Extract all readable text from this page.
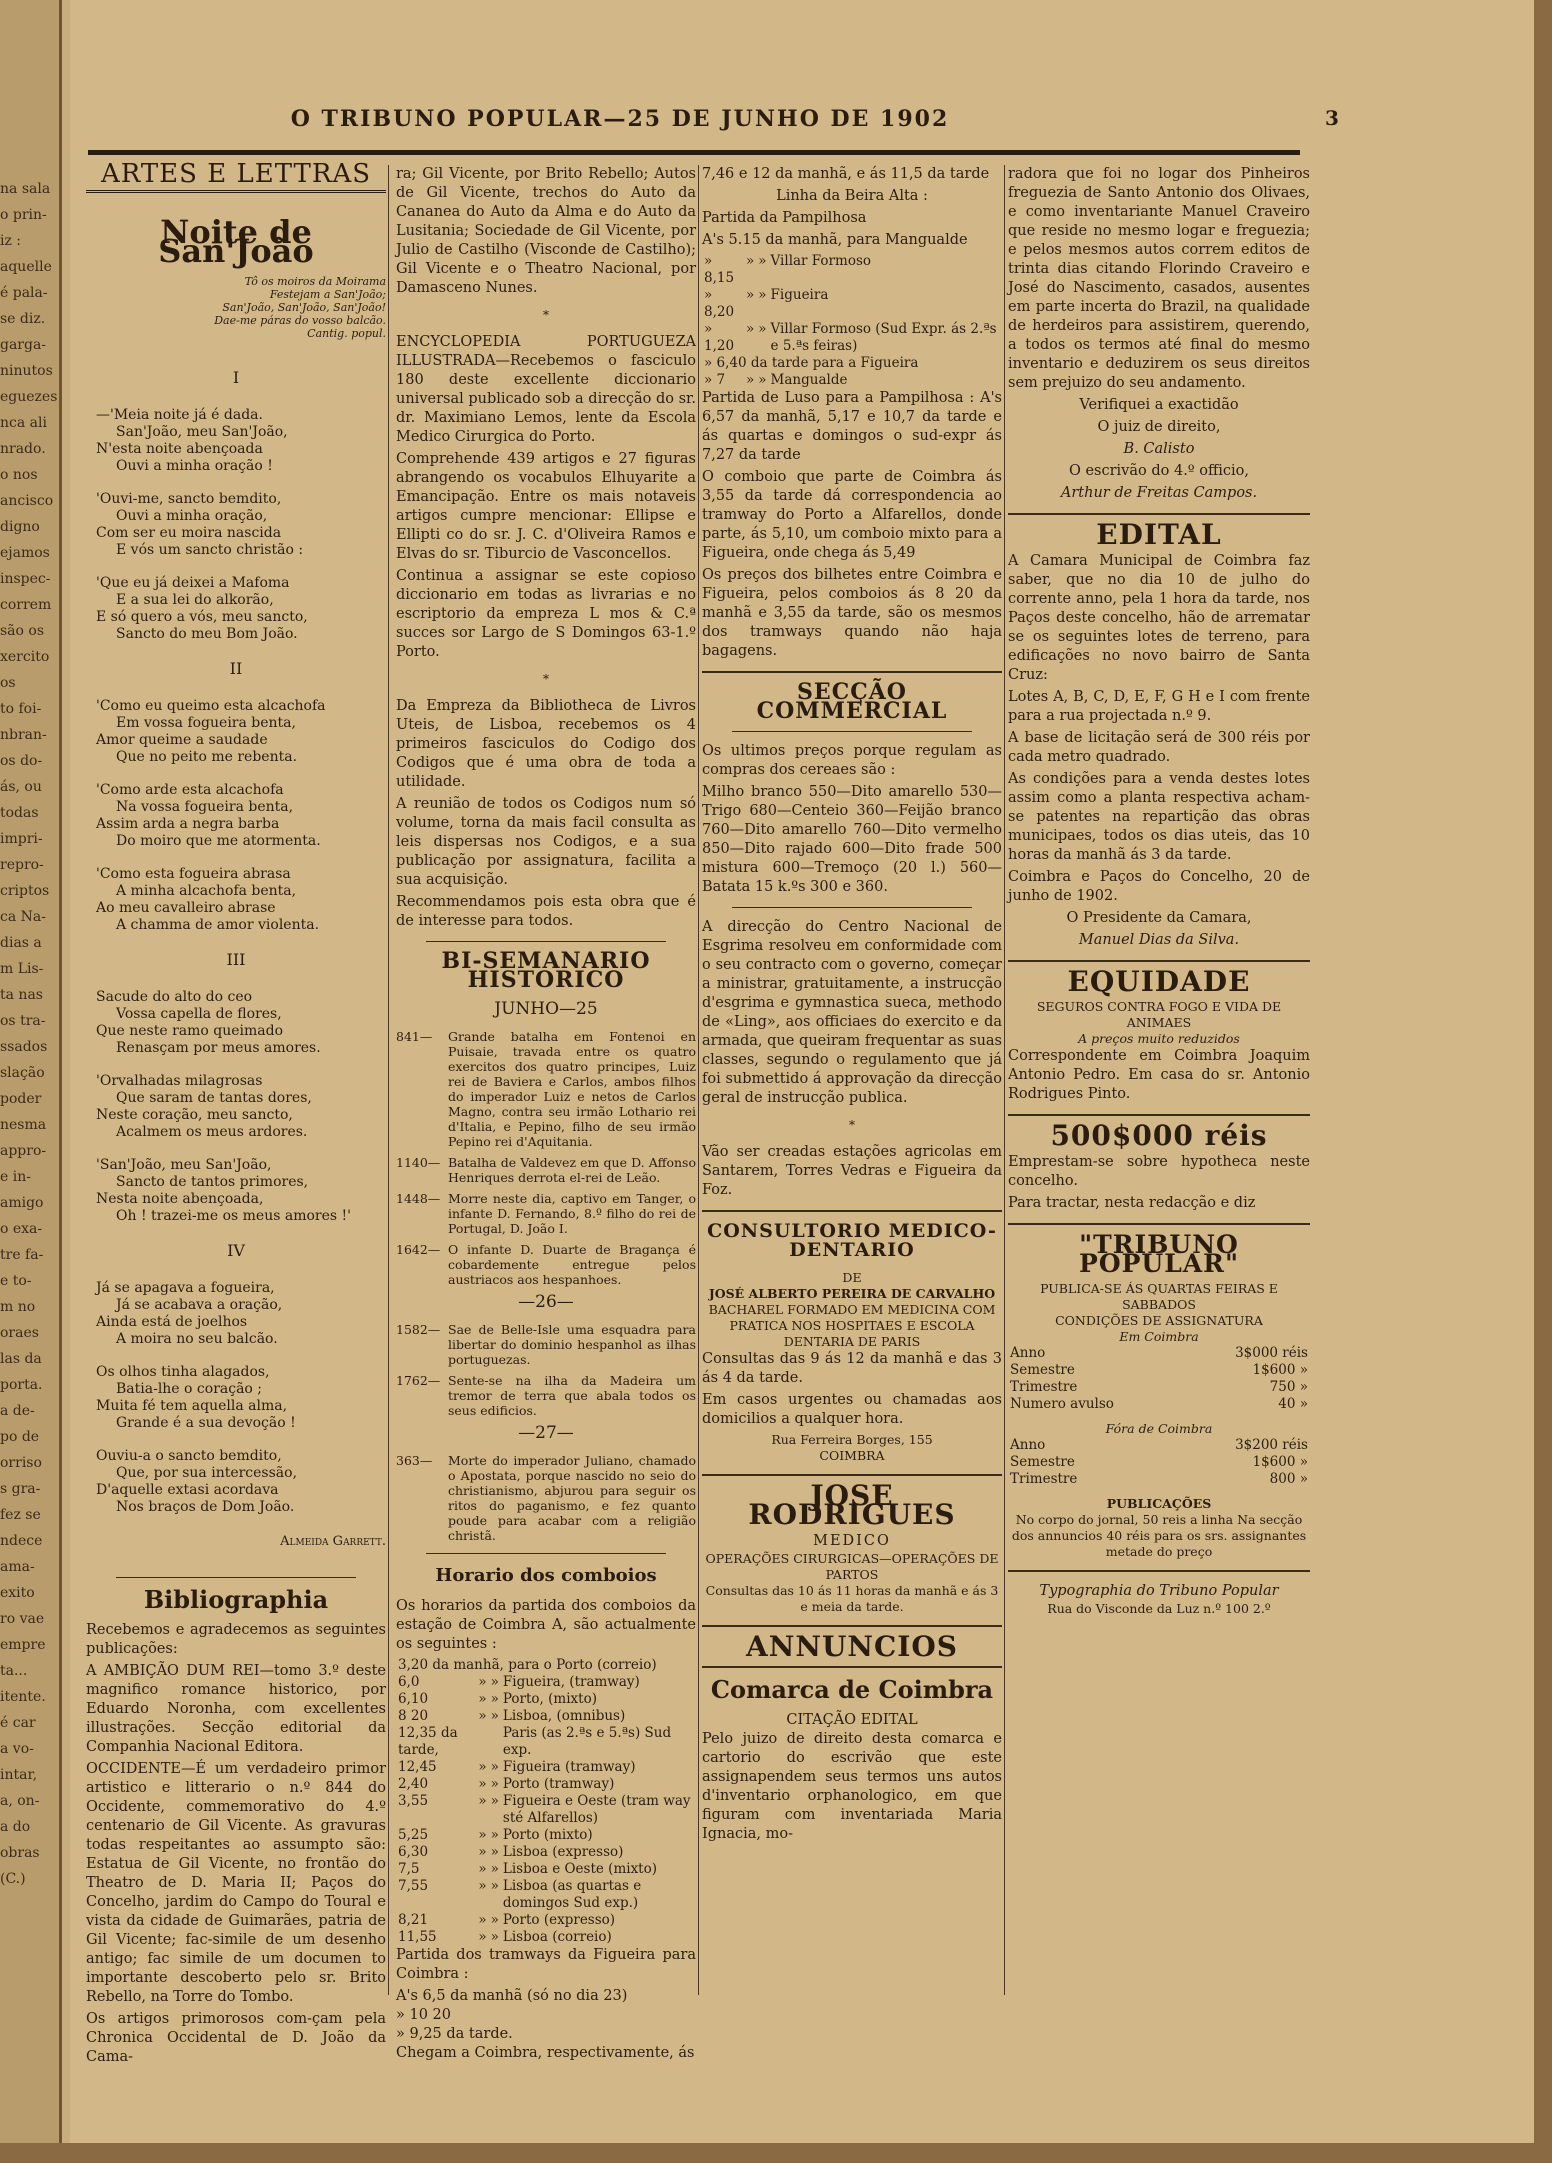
na sala
o prin-
iz :
aquelle
é pala-
se diz.
garga-
ninutos
eguezes
nca ali
nrado.
o nos
ancisco
digno
ejamos
inspec-
correm
são os
xercito
os
to foi-
nbran-
os do-
ás, ou
todas
impri-
repro-
criptos
ca Na-
dias a
m Lis-
ta nas
os tra-
ssados
slação
poder
nesma
appro-
e in-
amigo
o exa-
tre fa-
e to-
m no
oraes
las da
porta.
a de-
po de
orriso
s gra-
fez se
ndece
ama-
exito
ro vae
empre
ta...
itente.
é car
a vo-
intar,
a, on-
a do
obras
(C.)
O TRIBUNO POPULAR—25 DE JUNHO DE 1902	3
ARTES E LETTRAS
Noite de San'João
Tô os moiros da Moirama
Festejam a San'João;
San'João, San'João, San'João!
Dae-me páras do vosso balcão.
Cantig. popul.
I
—'Meia noite já é dada.
San'João, meu San'João,
N'esta noite abençoada
Ouvi a minha oração !
'Ouvi-me, sancto bemdito,
Ouvi a minha oração,
Com ser eu moira nascida
E vós um sancto christão :
'Que eu já deixei a Mafoma
E a sua lei do alkorão,
E só quero a vós, meu sancto,
Sancto do meu Bom João.
II
'Como eu queimo esta alcachofa
Em vossa fogueira benta,
Amor queime a saudade
Que no peito me rebenta.
'Como arde esta alcachofa
Na vossa fogueira benta,
Assim arda a negra barba
Do moiro que me atormenta.
'Como esta fogueira abrasa
A minha alcachofa benta,
Ao meu cavalleiro abrase
A chamma de amor violenta.
III
Sacude do alto do ceo
Vossa capella de flores,
Que neste ramo queimado
Renasçam por meus amores.
'Orvalhadas milagrosas
Que saram de tantas dores,
Neste coração, meu sancto,
Acalmem os meus ardores.
'San'João, meu San'João,
Sancto de tantos primores,
Nesta noite abençoada,
Oh ! trazei-me os meus amores !'
IV
Já se apagava a fogueira,
Já se acabava a oração,
Ainda está de joelhos
A moira no seu balcão.
Os olhos tinha alagados,
Batia-lhe o coração ;
Muita fé tem aquella alma,
Grande é a sua devoção !
Ouviu-a o sancto bemdito,
Que, por sua intercessão,
D'aquelle extasi acordava
Nos braços de Dom João.
Almeida Garrett.
Bibliographia

Recebemos e agradecemos as seguintes publicações:

A AMBIÇÃO DUM REI—tomo 3.º deste magnifico romance historico, por Eduardo Noronha, com excellentes illustrações. Secção editorial da Companhia Nacional Editora.

OCCIDENTE—É um verdadeiro primor artistico e litterario o n.º 844 do Occidente, commemorativo do 4.º centenario de Gil Vicente. As gravuras todas respeitantes ao assumpto são: Estatua de Gil Vicente, no frontão do Theatro de D. Maria II; Paços do Concelho, jardim do Campo do Toural e vista da cidade de Guimarães, patria de Gil Vicente; fac-simile de um desenho antigo; fac simile de um documen to importante descoberto pelo sr. Brito Rebello, na Torre do Tombo.

Os artigos primorosos com-çam pela Chronica Occidental de D. João da Cama-

ra; Gil Vicente, por Brito Rebello; Autos de Gil Vicente, trechos do Auto da Cananea do Auto da Alma e do Auto da Lusitania; Sociedade de Gil Vicente, por Julio de Castilho (Visconde de Castilho); Gil Vicente e o Theatro Nacional, por Damasceno Nunes.

*

ENCYCLOPEDIA PORTUGUEZA ILLUSTRADA—Recebemos o fasciculo 180 deste excellente diccionario universal publicado sob a direcção do sr. dr. Maximiano Lemos, lente da Escola Medico Cirurgica do Porto.

Comprehende 439 artigos e 27 figuras abrangendo os vocabulos Elhuyarite a Emancipação. Entre os mais notaveis artigos cumpre mencionar: Ellipse e Ellipti co do sr. J. C. d'Oliveira Ramos e Elvas do sr. Tiburcio de Vasconcellos.

Continua a assignar se este copioso diccionario em todas as livrarias e no escriptorio da empreza L mos & C.ª succes sor Largo de S Domingos 63-1.º Porto.

*

Da Empreza da Bibliotheca de Livros Uteis, de Lisboa, recebemos os 4 primeiros fasciculos do Codigo dos Codigos que é uma obra de toda a utilidade.

A reunião de todos os Codigos num só volume, torna da mais facil consulta as leis dispersas nos Codigos, e a sua publicação por assignatura, facilita a sua acquisição.

Recommendamos pois esta obra que é de interesse para todos.

BI-SEMANARIO HISTORICO
JUNHO—25
841—	Grande batalha em Fontenoi en Puisaie, travada entre os quatro exercitos dos quatro principes, Luiz rei de Baviera e Carlos, ambos filhos do imperador Luiz e netos de Carlos Magno, contra seu irmão Lothario rei d'Italia, e Pepino, filho de seu irmão Pepino rei d'Aquitania.
1140— Batalha de Valdevez em que D. Affonso Henriques derrota el-rei de Leão.
1448— Morre neste dia, captivo em Tanger, o infante D. Fernando, 8.º filho do rei de Portugal, D. João I.
1642— O infante D. Duarte de Bragança é cobardemente entregue pelos austriacos aos hespanhoes.
—26—
1582— Sae de Belle-Isle uma esquadra para libertar do dominio hespanhol as ilhas portuguezas.
1762— Sente-se na ilha da Madeira um tremor de terra que abala todos os seus edificios.
—27—
363—	Morte do imperador Juliano, chamado o Apostata, porque nascido no seio do christianismo, abjurou para seguir os ritos do paganismo, e fez quanto poude para acabar com a religião christã.
Horario dos comboios

Os horarios da partida dos comboios da estação de Coimbra A, são actualmente os seguintes :

3,20 da manhã, para o Porto (correio)			
6,0	»	»	Figueira, (tramway)
6,10	»	»	Porto, (mixto)
8 20	»	»	Lisboa, (omnibus)
12,35 da tarde,			Paris (as 2.ªs e 5.ªs) Sud exp.
12,45	»	»	Figueira (tramway)
2,40	»	»	Porto (tramway)
3,55	»	»	Figueira e Oeste (tram way sté Alfarellos)
5,25	»	»	Porto (mixto)
6,30	»	»	Lisboa (expresso)
7,5	»	»	Lisboa e Oeste (mixto)
7,55	»	»	Lisboa (as quartas e domingos Sud exp.)
8,21	»	»	Porto (expresso)
11,55	»	»	Lisboa (correio)

Partida dos tramways da Figueira para Coimbra :

A's 6,5 da manhã (só no dia 23)
» 10 20
» 9,25 da tarde.

Chegam a Coimbra, respectivamente, ás

7,46 e 12 da manhã, e ás 11,5 da tarde

Linha da Beira Alta :

Partida da Pampilhosa

A's 5.15 da manhã, para Mangualde

» 8,15	»	»	Villar Formoso
» 8,20	»	»	Figueira
» 1,20	»	»	Villar Formoso (Sud Expr. ás 2.ªs e 5.ªs feiras)
» 6,40 da tarde para a Figueira			
» 7	»	»	Mangualde

Partida de Luso para a Pampilhosa : A's 6,57 da manhã, 5,17 e 10,7 da tarde e ás quartas e domingos o sud-expr ás 7,27 da tarde

O comboio que parte de Coimbra ás 3,55 da tarde dá correspondencia ao tramway do Porto a Alfarellos, donde parte, ás 5,10, um comboio mixto para a Figueira, onde chega ás 5,49

Os preços dos bilhetes entre Coimbra e Figueira, pelos comboios ás 8 20 da manhã e 3,55 da tarde, são os mesmos dos tramways quando não haja bagagens.

SECÇÃO COMMERCIAL

Os ultimos preços porque regulam as compras dos cereaes são :

Milho branco 550—Dito amarello 530—Trigo 680—Centeio 360—Feijão branco 760—Dito amarello 760—Dito vermelho 850—Dito rajado 600—Dito frade 500 mistura 600—Tremoço (20 l.) 560—Batata 15 k.ºs 300 e 360.

A direcção do Centro Nacional de Esgrima resolveu em conformidade com o seu contracto com o governo, começar a ministrar, gratuitamente, a instrucção d'esgrima e gymnastica sueca, methodo de «Ling», aos officiaes do exercito e da armada, que queiram frequentar as suas classes, segundo o regulamento que já foi submettido á approvação da direcção geral de instrucção publica.

*

Vão ser creadas estações agricolas em Santarem, Torres Vedras e Figueira da Foz.

CONSULTORIO MEDICO-DENTARIO
DE
JOSÉ ALBERTO PEREIRA DE CARVALHO
BACHAREL FORMADO EM MEDICINA COM PRATICA NOS HOSPITAES E ESCOLA DENTARIA DE PARIS

Consultas das 9 ás 12 da manhã e das 3 ás 4 da tarde.

Em casos urgentes ou chamadas aos domicilios a qualquer hora.

Rua Ferreira Borges, 155
COIMBRA
JOSE RODRIGUES
MEDICO
OPERAÇÕES CIRURGICAS—OPERAÇÕES DE PARTOS

Consultas das 10 ás 11 horas da manhã e ás 3 e meia da tarde.

ANNUNCIOS
Comarca de Coimbra
CITAÇÃO EDITAL

Pelo juizo de direito desta comarca e cartorio do escrivão que este assignapendem seus termos uns autos d'inventario orphanologico, em que figuram com inventariada Maria Ignacia, mo-

radora que foi no logar dos Pinheiros freguezia de Santo Antonio dos Olivaes, e como inventariante Manuel Craveiro que reside no mesmo logar e freguezia; e pelos mesmos autos correm editos de trinta dias citando Florindo Craveiro e José do Nascimento, casados, ausentes em parte incerta do Brazil, na qualidade de herdeiros para assistirem, querendo, a todos os termos até final do mesmo inventario e deduzirem os seus direitos sem prejuizo do seu andamento.

Verifiquei a exactidão

O juiz de direito,

B. Calisto

O escrivão do 4.º officio,

Arthur de Freitas Campos.

EDITAL

A Camara Municipal de Coimbra faz saber, que no dia 10 de julho do corrente anno, pela 1 hora da tarde, nos Paços deste concelho, hão de arrematar se os seguintes lotes de terreno, para edificações no novo bairro de Santa Cruz:

Lotes A, B, C, D, E, F, G H e I com frente para a rua projectada n.º 9.

A base de licitação será de 300 réis por cada metro quadrado.

As condições para a venda destes lotes assim como a planta respectiva acham-se patentes na repartição das obras municipaes, todos os dias uteis, das 10 horas da manhã ás 3 da tarde.

Coimbra e Paços do Concelho, 20 de junho de 1902.

O Presidente da Camara,

Manuel Dias da Silva.

EQUIDADE
SEGUROS CONTRA FOGO E VIDA DE ANIMAES
A preços muito reduzidos

Correspondente em Coimbra Joaquim Antonio Pedro. Em casa do sr. Antonio Rodrigues Pinto.

500$000 réis

Emprestam-se sobre hypotheca neste concelho.

Para tractar, nesta redacção e diz

"TRIBUNO POPULAR"
PUBLICA-SE ÁS QUARTAS FEIRAS E SABBADOS
CONDIÇÕES DE ASSIGNATURA
Em Coimbra
Anno	3$000 réis
Semestre	1$600 »
Trimestre	750 »
Numero avulso	40 »
Fóra de Coimbra
Anno	3$200 réis
Semestre	1$600 »
Trimestre	800 »
PUBLICAÇÕES

No corpo do jornal, 50 reis a linha Na secção dos annuncios 40 réis para os srs. assignantes metade do preço

Typographia do Tribuno Popular
Rua do Visconde da Luz n.º 100 2.º
